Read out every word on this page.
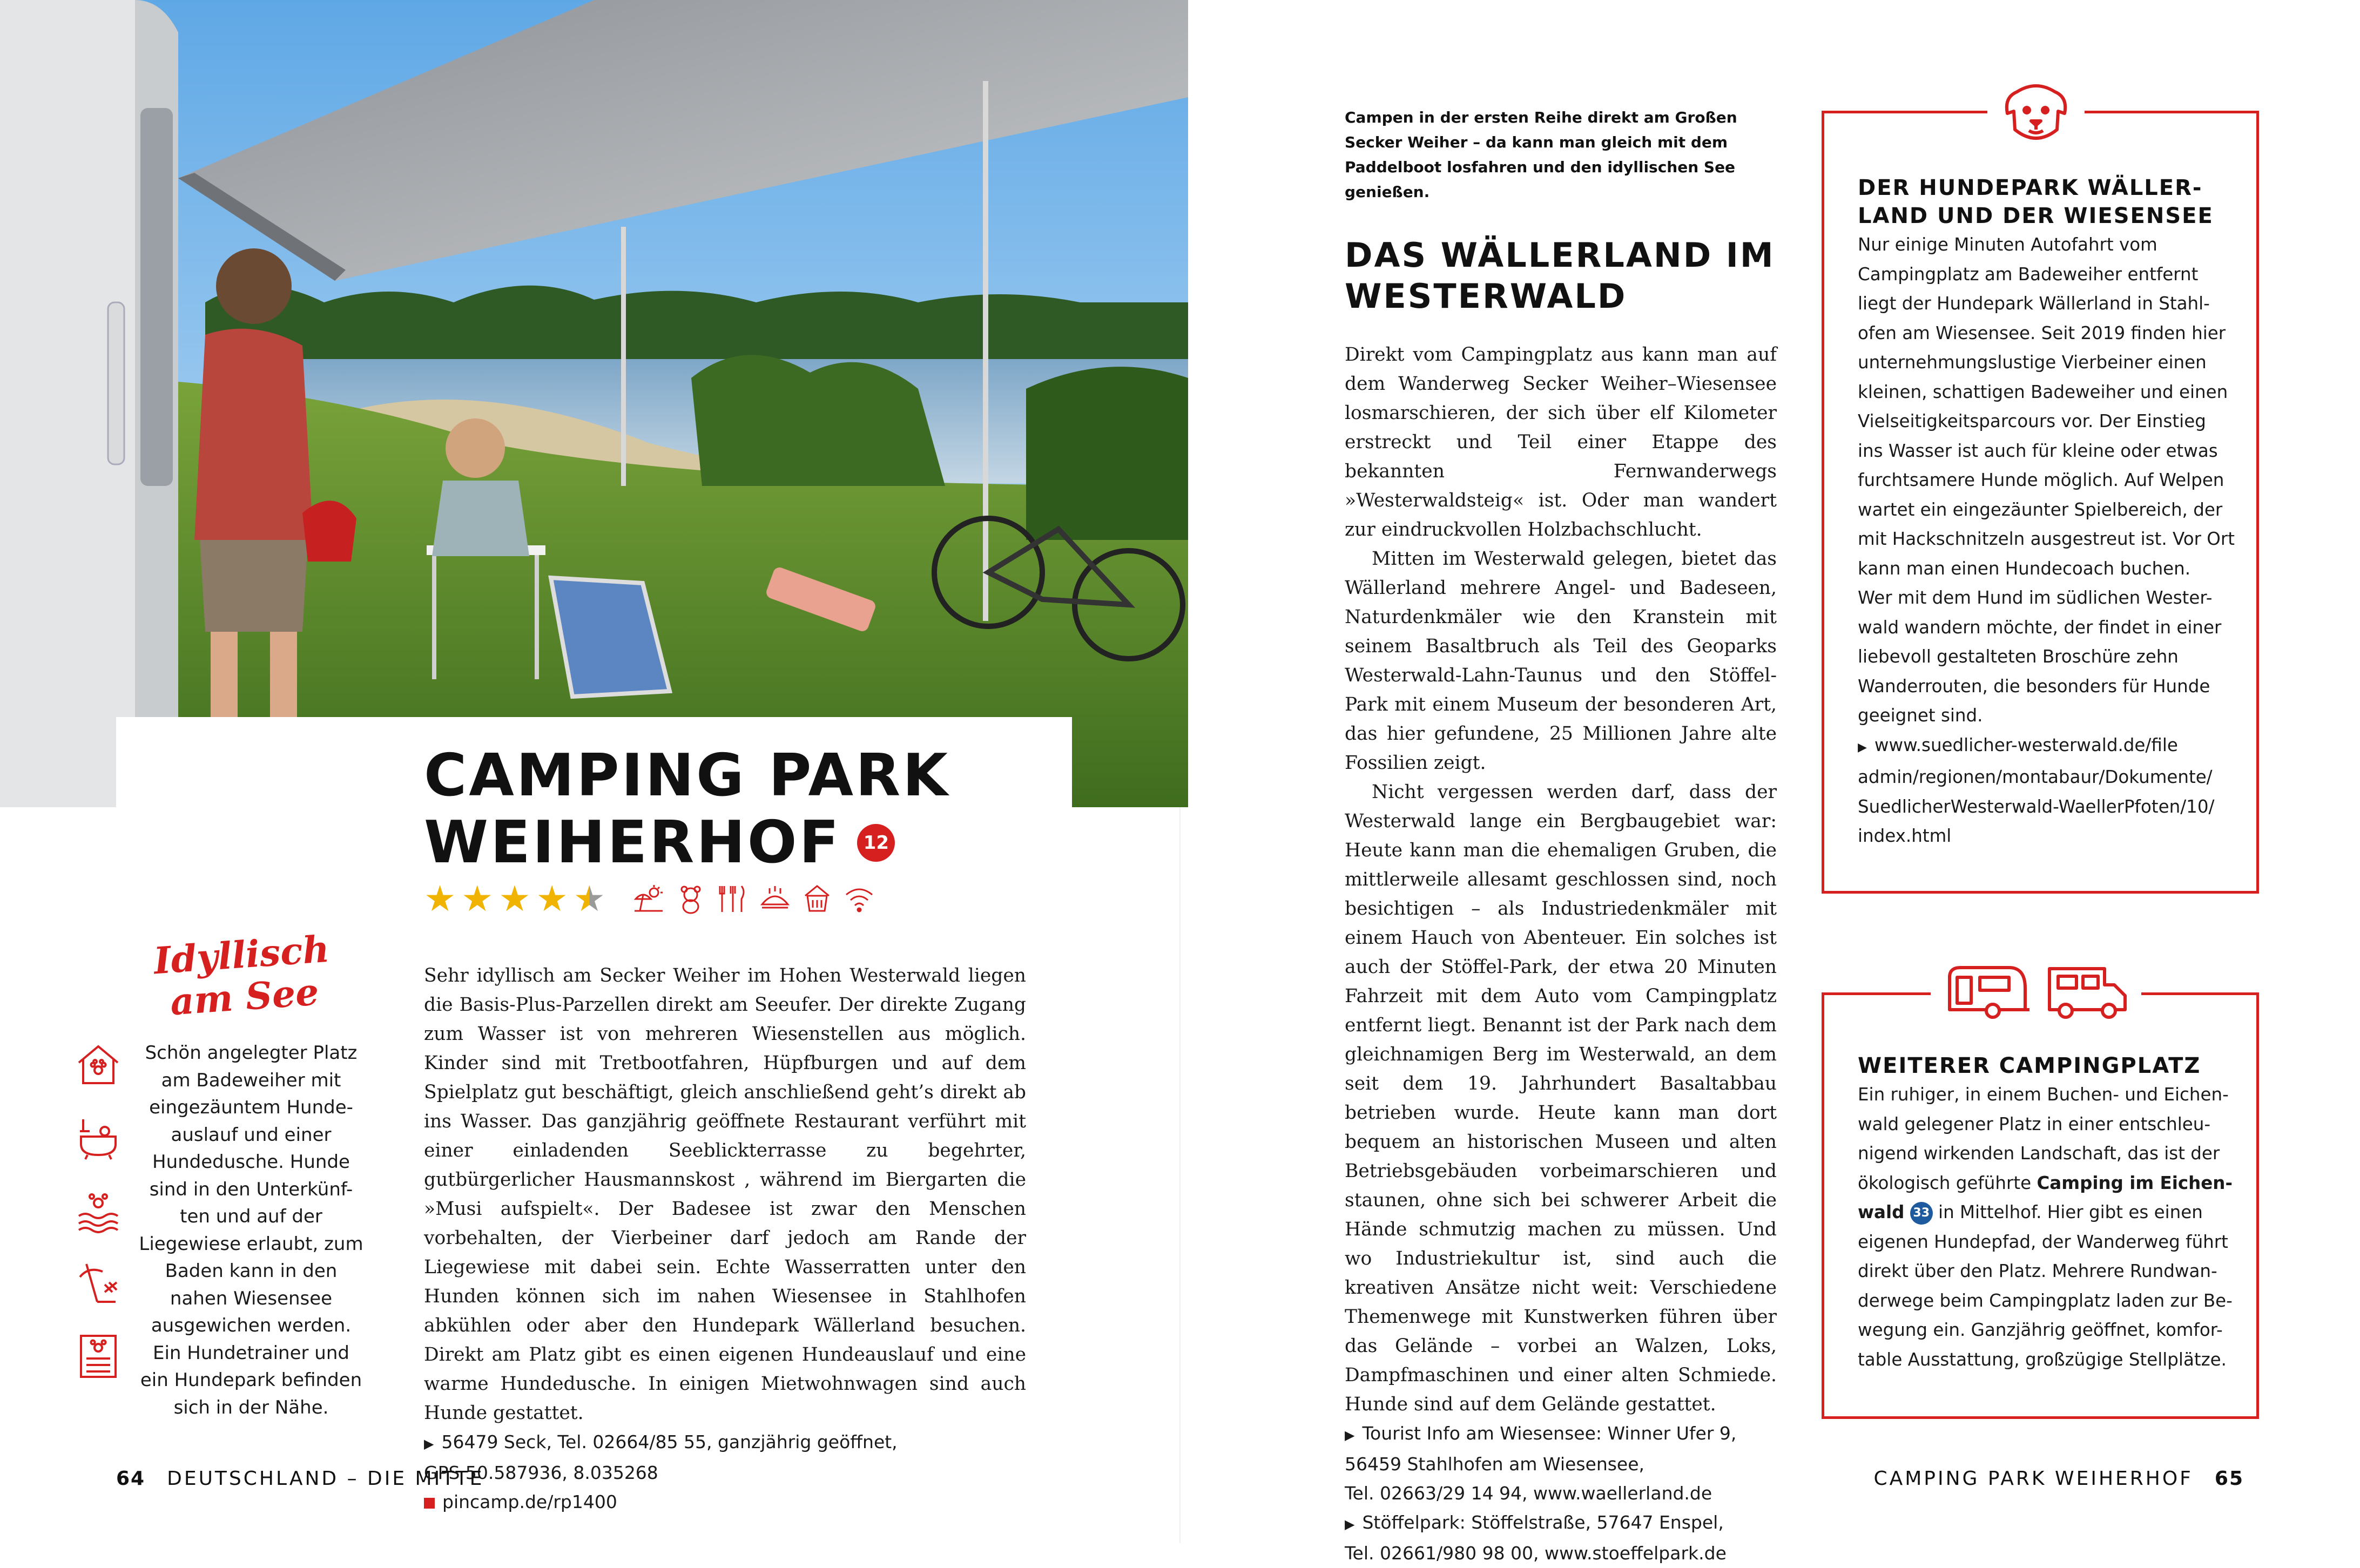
CAMPING PARK
WEIHERHOF	12
★ ★ ★ ★ ★
Idyllisch
am See

Schön angelegter Platz
am Badeweiher mit
eingezäuntem Hunde-
auslauf und einer
Hundedusche. Hunde
sind in den Unterkünf-
ten und auf der
Liegewiese erlaubt, zum
Baden kann in den
nahen Wiesensee
ausgewichen werden.
Ein Hundetrainer und
ein Hundepark befinden
sich in der Nähe.

Sehr idyllisch am Secker Weiher im Hohen Westerwald liegen die Basis-Plus-Parzellen direkt am Seeufer. Der direkte Zugang zum Wasser ist von mehreren Wiesenstellen aus möglich. Kinder sind mit Tretbootfahren, Hüpfburgen und auf dem Spielplatz gut beschäftigt, gleich anschließend geht’s direkt ab ins Wasser. Das ganzjährig geöffnete Restaurant verführt mit einer einladenden Seeblickterrasse zu begehrter, gutbürgerlicher Hausmannskost , während im Biergarten die »Musi aufspielt«. Der Badesee ist zwar den Menschen vorbehalten, der Vierbeiner darf jedoch am Rande der Liegewiese mit dabei sein. Echte Wasserratten unter den Hunden können sich im nahen Wiesensee in Stahlhofen abkühlen oder aber den Hundepark Wällerland besuchen. Direkt am Platz gibt es einen eigenen Hundeauslauf und eine warme Hundedusche. In einigen Mietwohnwagen sind auch Hunde gestattet.

▶ 56479 Seck, Tel. 02664/85 55, ganzjährig geöffnet,

GPS 50.587936, 8.035268

pincamp.de/rp1400

Campen in der ersten Reihe direkt am Großen Secker Weiher – da kann man gleich mit dem Paddelboot losfahren und den idyllischen See genießen.
DAS WÄLLERLAND IM
WESTERWALD

Direkt vom Campingplatz aus kann man auf dem Wanderweg Secker Weiher–Wiesensee losmarschieren, der sich über elf Kilometer erstreckt und Teil einer Etappe des bekannten Fernwanderwegs »Westerwaldsteig« ist. Oder man wandert zur eindruckvollen Holzbachschlucht.

Mitten im Westerwald gelegen, bietet das Wällerland mehrere Angel- und Badeseen, Naturdenkmäler wie den Kranstein mit seinem Basaltbruch als Teil des Geoparks Westerwald-Lahn-Taunus und den Stöffel-Park mit einem Museum der besonderen Art, das hier gefundene, 25 Millionen Jahre alte Fossilien zeigt.

Nicht vergessen werden darf, dass der Westerwald lange ein Bergbaugebiet war: Heute kann man die ehemaligen Gruben, die mittlerweile allesamt geschlossen sind, noch besichtigen – als Industriedenkmäler mit einem Hauch von Abenteuer. Ein solches ist auch der Stöffel-Park, der etwa 20 Minuten Fahrzeit mit dem Auto vom Campingplatz entfernt liegt. Benannt ist der Park nach dem gleichnamigen Berg im Westerwald, an dem seit dem 19. Jahrhundert Basaltabbau betrieben wurde. Heute kann man dort bequem an historischen Museen und alten Betriebsgebäuden vorbeimarschieren und staunen, ohne sich bei schwerer Arbeit die Hände schmutzig machen zu müssen. Und wo Industriekultur ist, sind auch die kreativen Ansätze nicht weit: Verschiedene Themenwege mit Kunstwerken führen über das Gelände – vorbei an Walzen, Loks, Dampfmaschinen und einer alten Schmiede. Hunde sind auf dem Gelände gestattet.

▶ Tourist Info am Wiesensee: Winner Ufer 9,

56459 Stahlhofen am Wiesensee,

Tel. 02663/29 14 94, www.waellerland.de

▶ Stöffelpark: Stöffelstraße, 57647 Enspel,

Tel. 02661/980 98 00, www.stoeffelpark.de

DER HUNDEPARK WÄLLER-
LAND UND DER WIESENSEE
Nur einige Minuten Autofahrt vom
Campingplatz am Badeweiher entfernt
liegt der Hundepark Wällerland in Stahl-
ofen am Wiesensee. Seit 2019 finden hier
unternehmungslustige Vierbeiner einen
kleinen, schattigen Badeweiher und einen
Vielseitigkeitsparcours vor. Der Einstieg
ins Wasser ist auch für kleine oder etwas
furchtsamere Hunde möglich. Auf Welpen
wartet ein eingezäunter Spielbereich, der
mit Hackschnitzeln ausgestreut ist. Vor Ort
kann man einen Hundecoach buchen.
Wer mit dem Hund im südlichen Wester-
wald wandern möchte, der findet in einer
liebevoll gestalteten Broschüre zehn
Wanderrouten, die besonders für Hunde
geeignet sind.
▶ www.suedlicher-westerwald.de/file
admin/regionen/montabaur/Dokumente/
SuedlicherWesterwald-WaellerPfoten/10/
index.html
WEITERER CAMPINGPLATZ
Ein ruhiger, in einem Buchen- und Eichen-
wald gelegener Platz in einer entschleu-
nigend wirkenden Landschaft, das ist der
ökologisch geführte Camping im Eichen-
wald 33 in Mittelhof. Hier gibt es einen
eigenen Hundepfad, der Wanderweg führt
direkt über den Platz. Mehrere Rundwan-
derwege beim Campingplatz laden zur Be-
wegung ein. Ganzjährig geöffnet, komfor-
table Ausstattung, großzügige Stellplätze.
64 DEUTSCHLAND – DIE MITTE	CAMPING PARK WEIHERHOF 65
